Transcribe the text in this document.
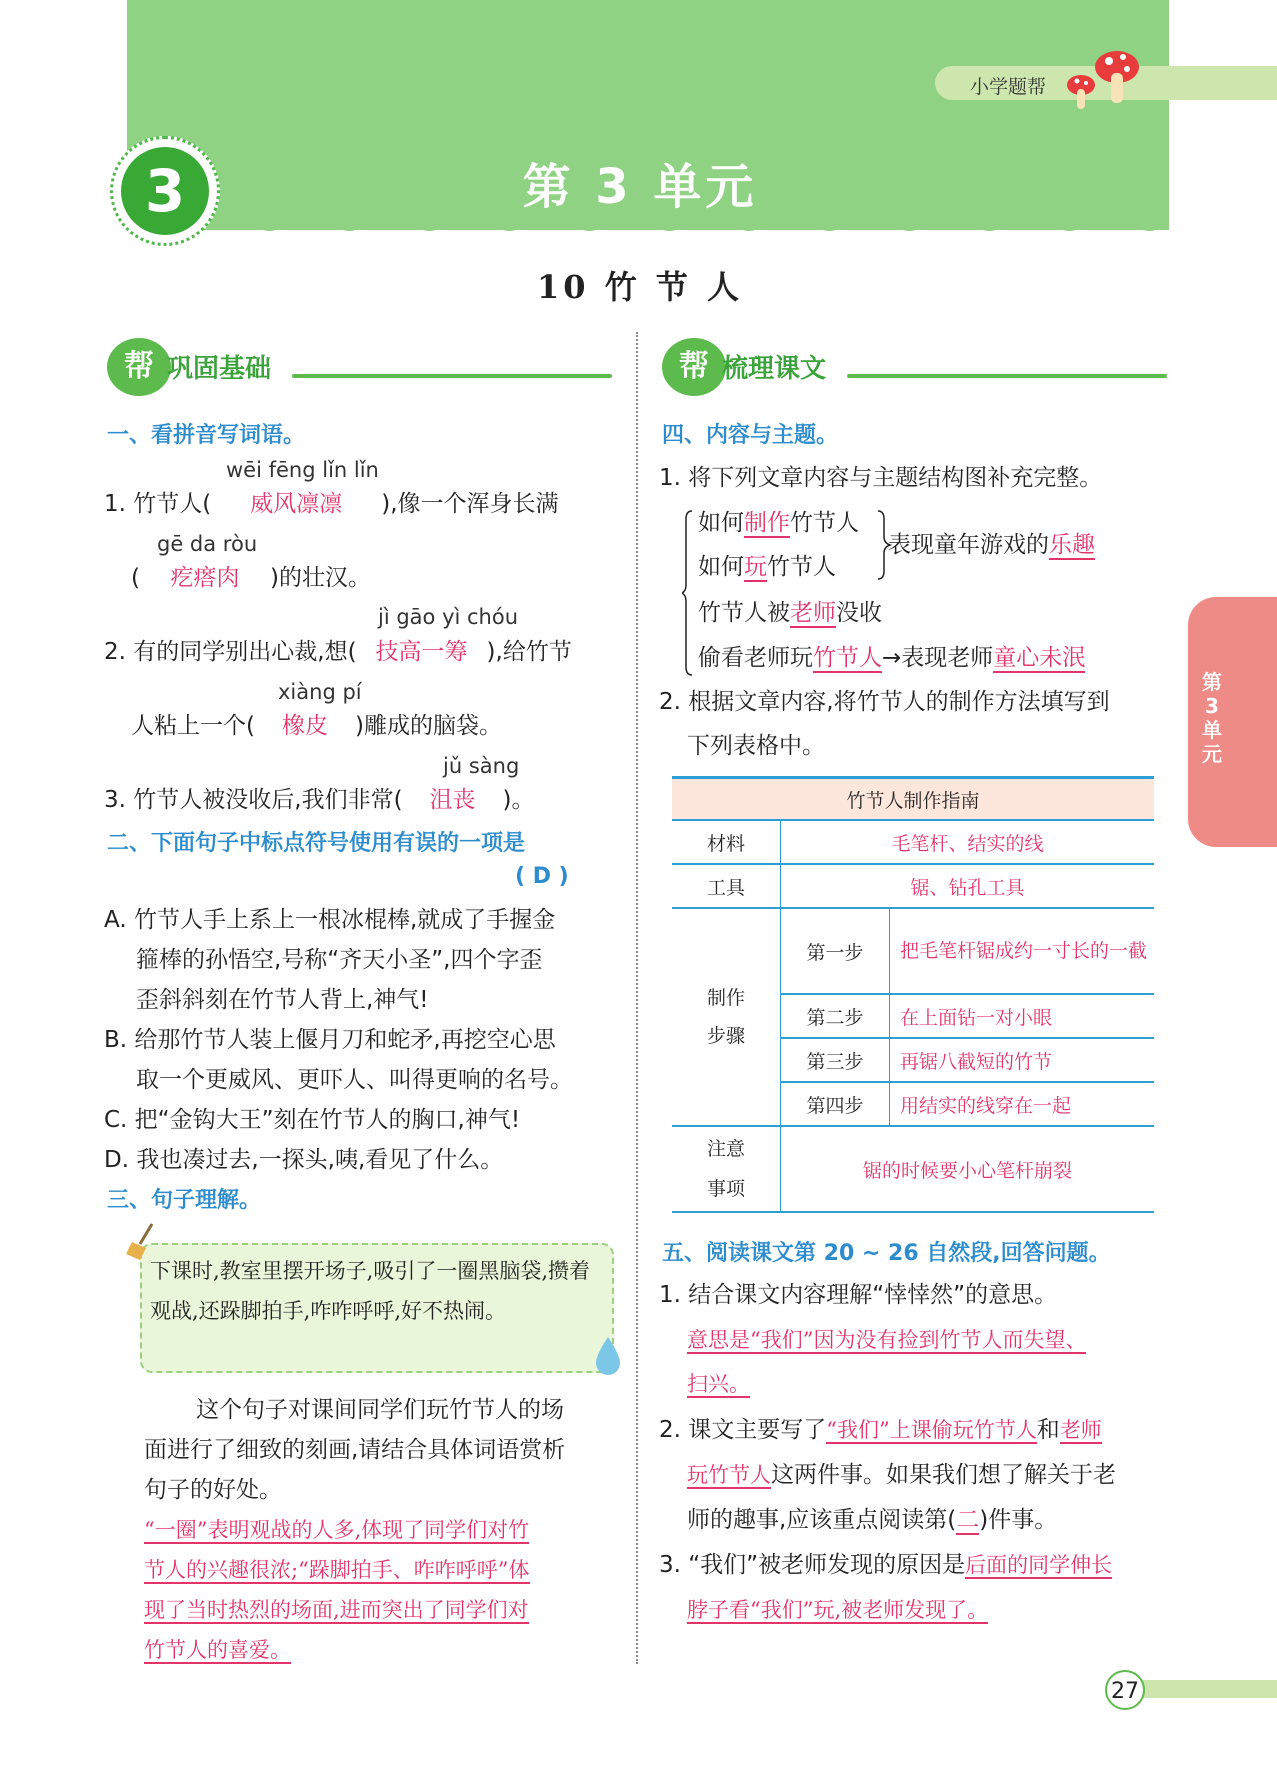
小学题帮
3	第 3 单元
10 竹 节 人
第3单元
帮 巩固基础
一、看拼音写词语。
wēi fēng lǐn lǐn
1. 竹节人( 威风凛凛 ),像一个浑身长满
gē da ròu
( 疙瘩肉 )的壮汉。
jì gāo yì chóu
2. 有的同学别出心裁,想( 技高一筹 ),给竹节
xiàng pí
人粘上一个( 橡皮 )雕成的脑袋。
jǔ sàng
3. 竹节人被没收后,我们非常( 沮丧 )。
二、下面句子中标点符号使用有误的一项是
( D )
A. 竹节人手上系上一根冰棍棒,就成了手握金
箍棒的孙悟空,号称“齐天小圣”,四个字歪
歪斜斜刻在竹节人背上,神气!
B. 给那竹节人装上偃月刀和蛇矛,再挖空心思
取一个更威风、更吓人、叫得更响的名号。
C. 把“金钩大王”刻在竹节人的胸口,神气!
D. 我也凑过去,一探头,咦,看见了什么。
三、句子理解。
下课时,教室里摆开场子,吸引了一圈黑脑袋,攒着观战,还跺脚拍手,咋咋呼呼,好不热闹。
这个句子对课间同学们玩竹节人的场
面进行了细致的刻画,请结合具体词语赏析
句子的好处。
“一圈”表明观战的人多,体现了同学们对竹
节人的兴趣很浓;“跺脚拍手、咋咋呼呼”体
现了当时热烈的场面,进而突出了同学们对
竹节人的喜爱。
帮 梳理课文
四、内容与主题。
1. 将下列文章内容与主题结构图补充完整。
如何制作竹节人
如何玩竹节人
表现童年游戏的乐趣
竹节人被老师没收
偷看老师玩竹节人→表现老师童心未泯
2. 根据文章内容,将竹节人的制作方法填写到
下列表格中。
竹节人制作指南		
材料	毛笔杆、结实的线	
工具	锯、钻孔工具	

制作步骤	第一步	把毛笔杆锯成约一寸长的一截

	第二步	在上面钻一对小眼
	第三步	再锯八截短的竹节
	第四步	用结实的线穿在一起

注意事项	锯的时候要小心笔杆崩裂	
五、阅读课文第 20 ~ 26 自然段,回答问题。
1. 结合课文内容理解“悻悻然”的意思。
意思是“我们”因为没有捡到竹节人而失望、
扫兴。
2. 课文主要写了“我们”上课偷玩竹节人和老师
玩竹节人这两件事。如果我们想了解关于老
师的趣事,应该重点阅读第(二)件事。
3. “我们”被老师发现的原因是后面的同学伸长
脖子看“我们”玩,被老师发现了。
27
